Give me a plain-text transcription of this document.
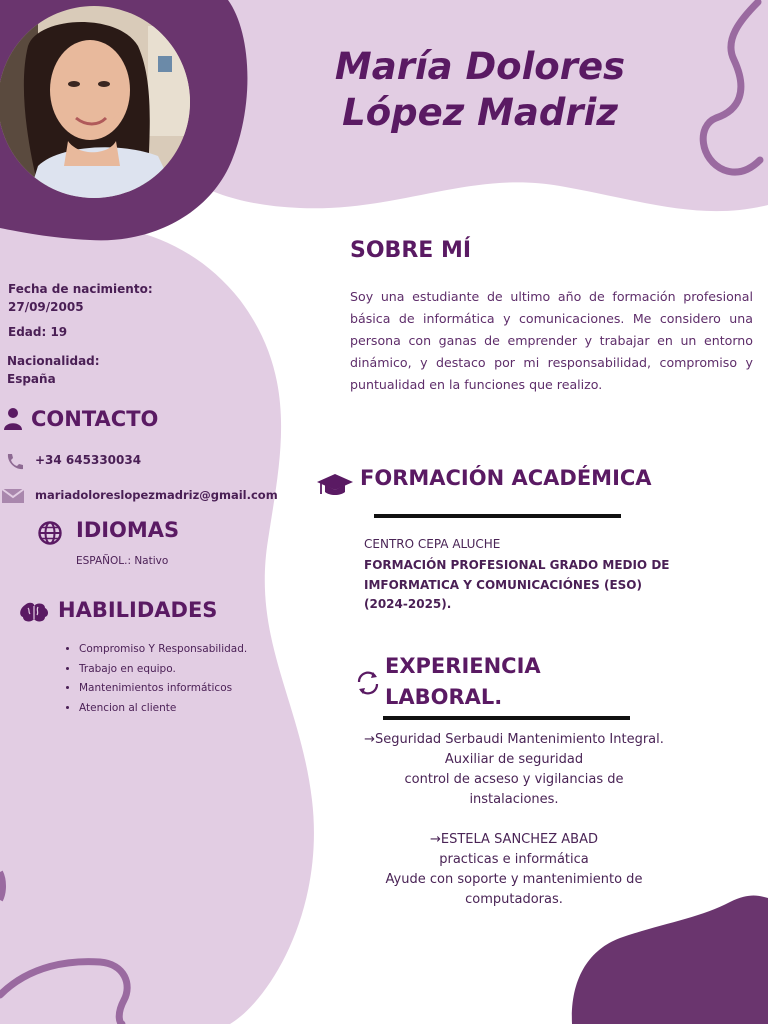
María Dolores
López Madriz
Fecha de nacimiento:
27/09/2005
Edad: 19
Nacionalidad:
España
CONTACTO
+34 645330034
mariadoloreslopezmadriz@gmail.com
IDIOMAS
ESPAÑOL.: Nativo
HABILIDADES
• Compromiso Y Responsabilidad.
• Trabajo en equipo.
• Mantenimientos informáticos
• Atencion al cliente
SOBRE MÍ
Soy una estudiante de ultimo año de formación profesional básica de informática y comunicaciones. Me considero una persona con ganas de emprender y trabajar en un entorno dinámico, y destaco por mi responsabilidad, compromiso y puntualidad en la funciones que realizo.
FORMACIÓN ACADÉMICA
CENTRO CEPA ALUCHE
FORMACIÓN PROFESIONAL GRADO MEDIO DE
IMFORMATICA Y COMUNICACIÓNES (ESO)
(2024-2025).
EXPERIENCIA
LABORAL.
→Seguridad Serbaudi Mantenimiento Integral.
Auxiliar de seguridad
control de acseso y vigilancias de
instalaciones.
→ESTELA SANCHEZ ABAD
practicas e informática
Ayude con soporte y mantenimiento de
computadoras.
